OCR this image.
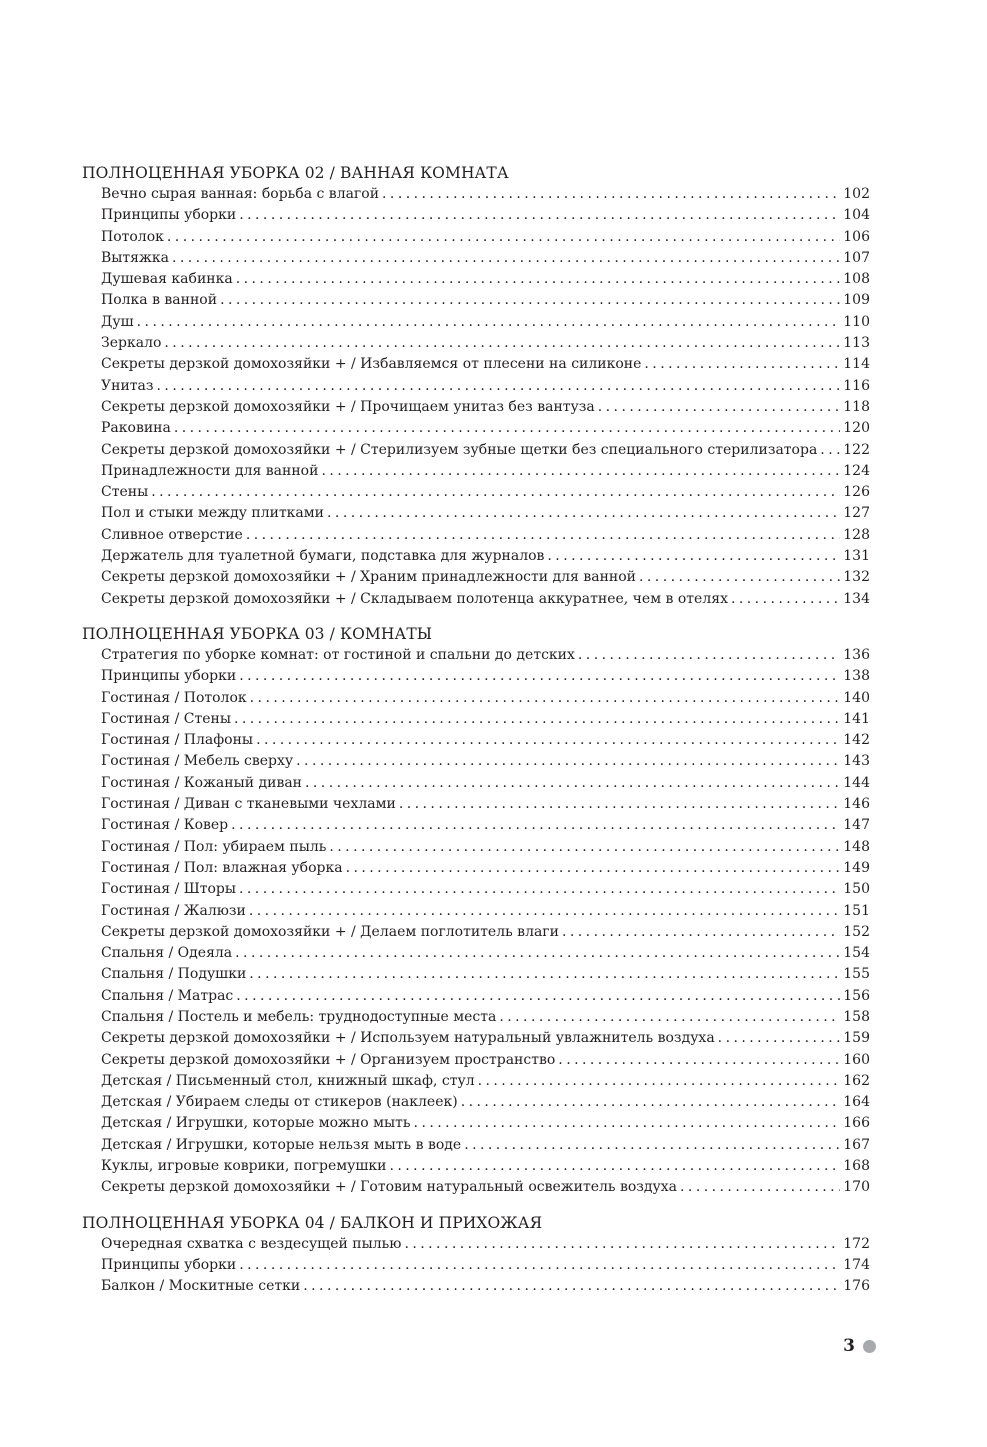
ПОЛНОЦЕННАЯ УБОРКА 02 / ВАННАЯ КОМНАТА
Вечно сырая ванная: борьба с влагой . . .	102
Принципы уборки . . .	104
Потолок . . .	106
Вытяжка . . .	107
Душевая кабинка . . .	108
Полка в ванной . . .	109
Душ . . .	110
Зеркало . . .	113
Секреты дерзкой домохозяйки + / Избавляемся от плесени на силиконе . . .	114
Унитаз . . .	116
Секреты дерзкой домохозяйки + / Прочищаем унитаз без вантуза . . .	118
Раковина . . .	120
Секреты дерзкой домохозяйки + / Стерилизуем зубные щетки без специального стерилизатора . . . 122
Принадлежности для ванной . . .	124
Стены . . .	126
Пол и стыки между плитками . . .	127
Сливное отверстие . . .	128
Держатель для туалетной бумаги, подставка для журналов . . .	131
Секреты дерзкой домохозяйки + / Храним принадлежности для ванной . . .	132
Секреты дерзкой домохозяйки + / Складываем полотенца аккуратнее, чем в отелях . . .	134
ПОЛНОЦЕННАЯ УБОРКА 03 / КОМНАТЫ
Стратегия по уборке комнат: от гостиной и спальни до детских . . .	136
Принципы уборки . . .	138
Гостиная / Потолок . . .	140
Гостиная / Стены . . .	141
Гостиная / Плафоны . . .	142
Гостиная / Мебель сверху . . .	143
Гостиная / Кожаный диван . . .	144
Гостиная / Диван с тканевыми чехлами . . .	146
Гостиная / Ковер . . .	147
Гостиная / Пол: убираем пыль . . .	148
Гостиная / Пол: влажная уборка . . .	149
Гостиная / Шторы . . .	150
Гостиная / Жалюзи . . .	151
Секреты дерзкой домохозяйки + / Делаем поглотитель влаги . . .	152
Спальня / Одеяла . . .	154
Спальня / Подушки . . .	155
Спальня / Матрас . . .	156
Спальня / Постель и мебель: труднодоступные места . . .	158
Секреты дерзкой домохозяйки + / Используем натуральный увлажнитель воздуха . . .	159
Секреты дерзкой домохозяйки + / Организуем пространство . . .	160
Детская / Письменный стол, книжный шкаф, стул . . .	162
Детская / Убираем следы от стикеров (наклеек) . . .	164
Детская / Игрушки, которые можно мыть . . .	166
Детская / Игрушки, которые нельзя мыть в воде . . .	167
Куклы, игровые коврики, погремушки . . .	168
Секреты дерзкой домохозяйки + / Готовим натуральный освежитель воздуха . . .	170
ПОЛНОЦЕННАЯ УБОРКА 04 / БАЛКОН И ПРИХОЖАЯ
Очередная схватка с вездесущей пылью . . .	172
Принципы уборки . . .	174
Балкон / Москитные сетки . . .	176
3
